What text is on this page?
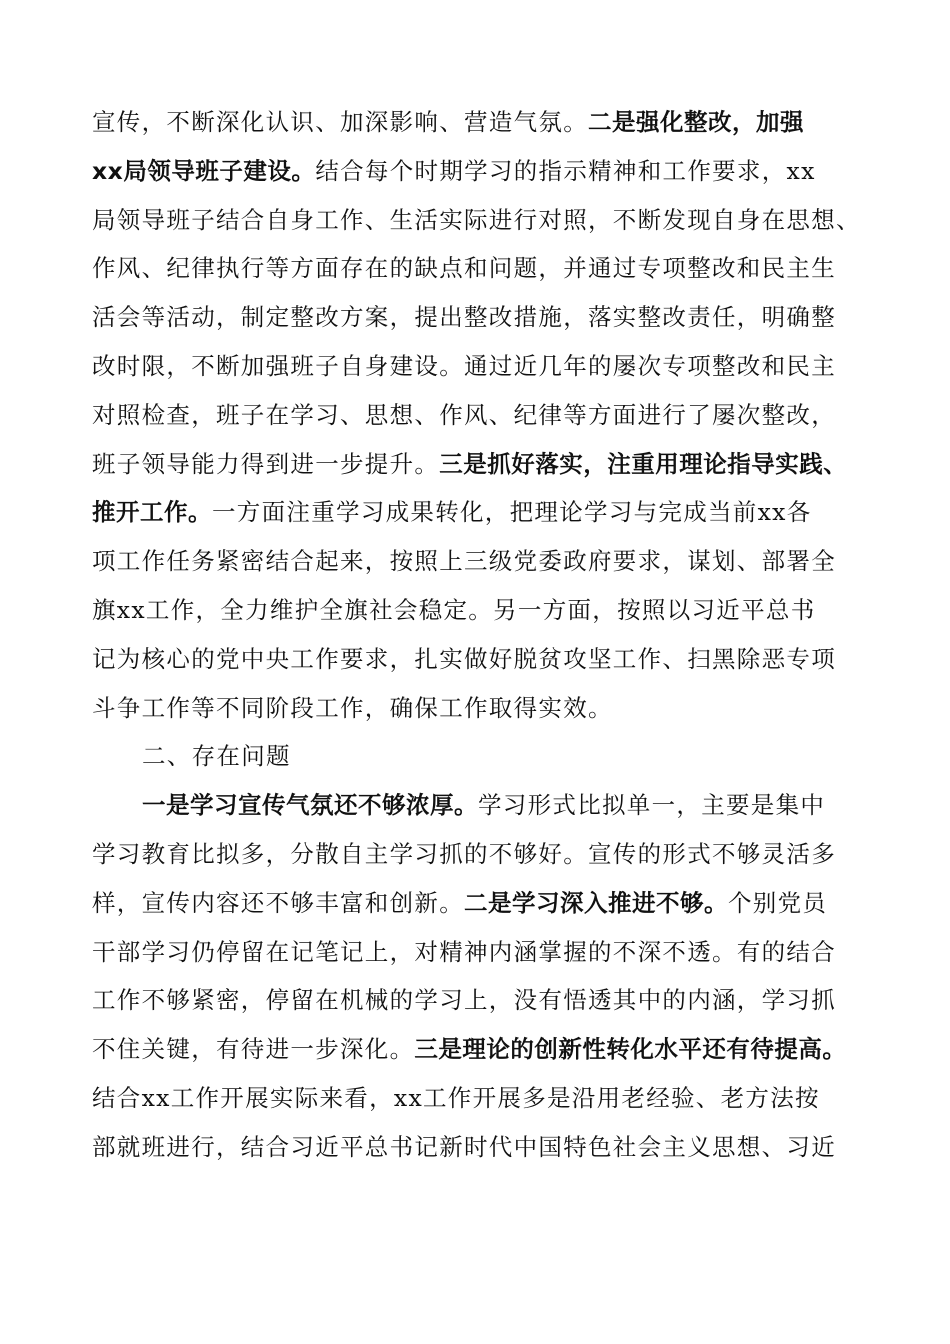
宣传，不断深化认识、加深影响、营造气氛。二是强化整改，加强
xx局领导班子建设。结合每个时期学习的指示精神和工作要求，xx
局领导班子结合自身工作、生活实际进行对照，不断发现自身在思想、
作风、纪律执行等方面存在的缺点和问题，并通过专项整改和民主生
活会等活动，制定整改方案，提出整改措施，落实整改责任，明确整
改时限，不断加强班子自身建设。通过近几年的屡次专项整改和民主
对照检查，班子在学习、思想、作风、纪律等方面进行了屡次整改，
班子领导能力得到进一步提升。三是抓好落实，注重用理论指导实践、
推开工作。一方面注重学习成果转化，把理论学习与完成当前xx各
项工作任务紧密结合起来，按照上三级党委政府要求，谋划、部署全
旗xx工作，全力维护全旗社会稳定。另一方面，按照以习近平总书
记为核心的党中央工作要求，扎实做好脱贫攻坚工作、扫黑除恶专项
斗争工作等不同阶段工作，确保工作取得实效。
二、存在问题
一是学习宣传气氛还不够浓厚。学习形式比拟单一，主要是集中
学习教育比拟多，分散自主学习抓的不够好。宣传的形式不够灵活多
样，宣传内容还不够丰富和创新。二是学习深入推进不够。个别党员
干部学习仍停留在记笔记上，对精神内涵掌握的不深不透。有的结合
工作不够紧密，停留在机械的学习上，没有悟透其中的内涵，学习抓
不住关键，有待进一步深化。三是理论的创新性转化水平还有待提高。
结合xx工作开展实际来看，xx工作开展多是沿用老经验、老方法按
部就班进行，结合习近平总书记新时代中国特色社会主义思想、习近
